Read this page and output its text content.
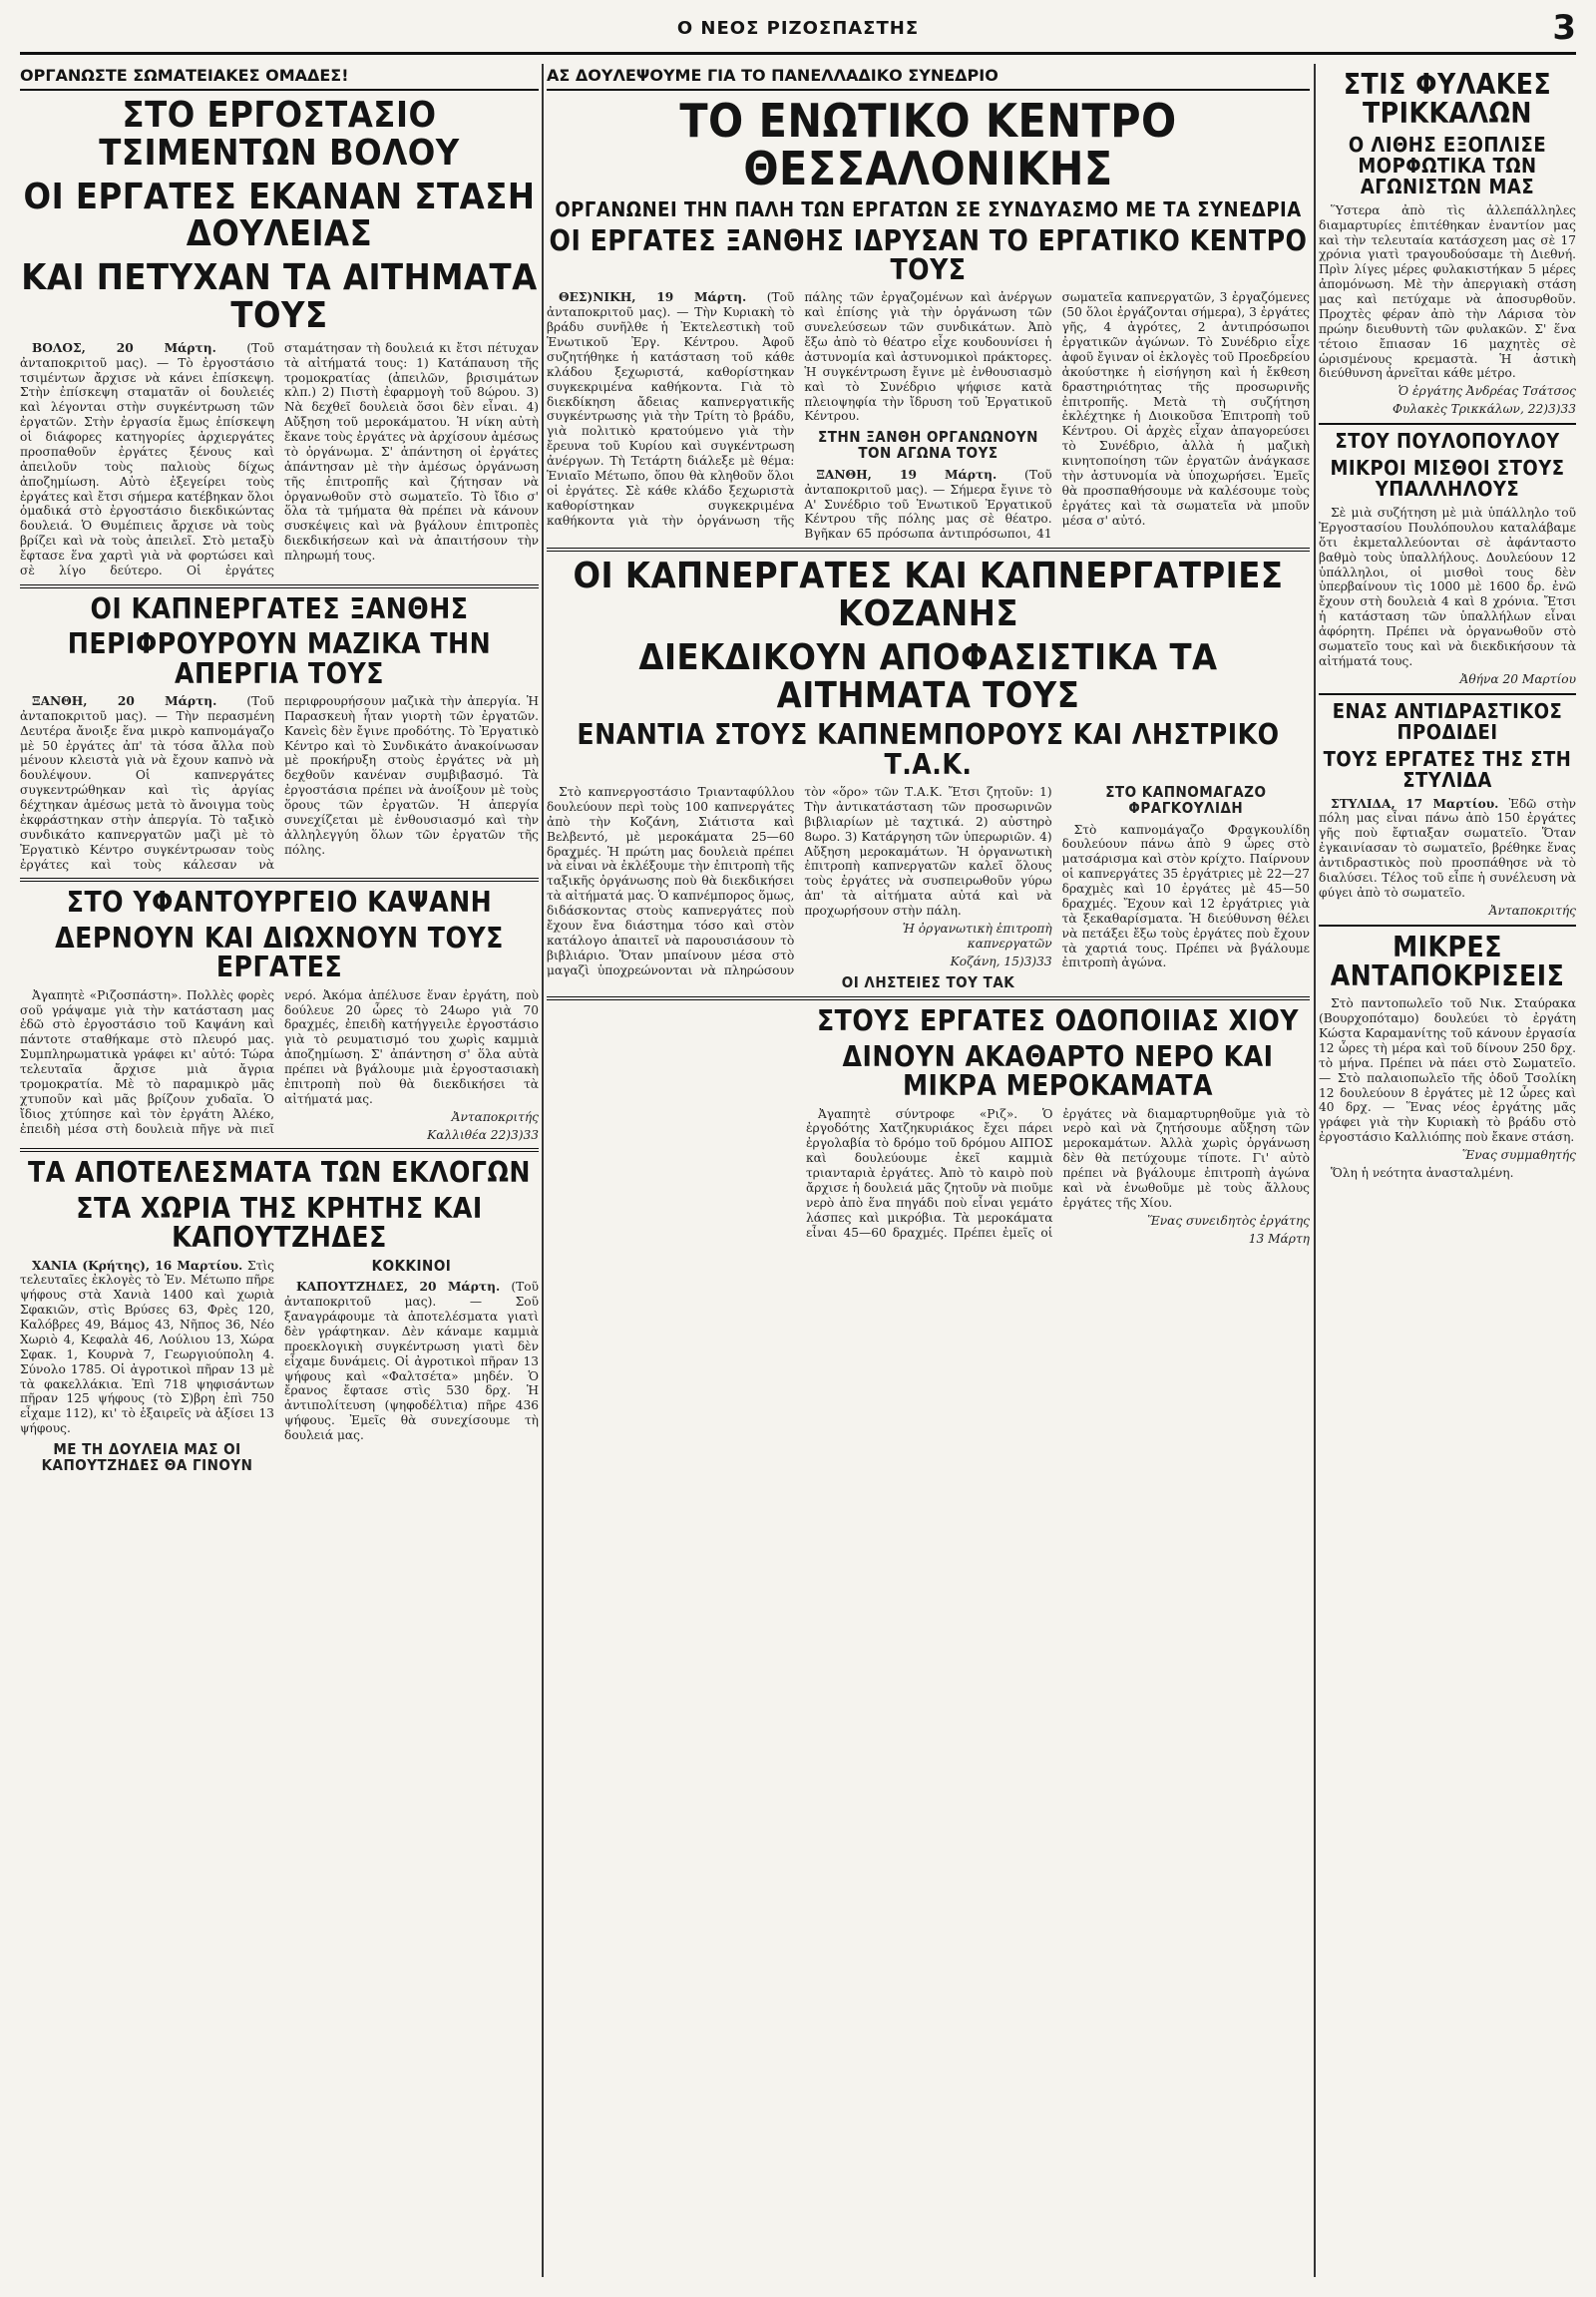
Ο ΝΕΟΣ ΡΙΖΟΣΠΑΣΤΗΣ	3
ΟΡΓΑΝΩΣΤΕ ΣΩΜΑΤΕΙΑΚΕΣ ΟΜΑΔΕΣ!
ΣΤΟ ΕΡΓΟΣΤΑΣΙΟ ΤΣΙΜΕΝΤΩΝ ΒΟΛΟΥ
ΟΙ ΕΡΓΑΤΕΣ ΕΚΑΝΑΝ ΣΤΑΣΗ ΔΟΥΛΕΙΑΣ
ΚΑΙ ΠΕΤΥΧΑΝ ΤΑ ΑΙΤΗΜΑΤΑ ΤΟΥΣ

ΒΟΛΟΣ, 20 Μάρτη.	(Τοῦ ἀνταποκριτοῦ μας). — Τὸ ἐργοστάσιο τσιμέντων ἄρχισε νὰ κάνει ἐπίσκεψη. Στὴν ἐπίσκεψη σταματᾶν οἱ δουλειές καὶ λέγονται στὴν συγκέντρωση τῶν ἐργατῶν. Στὴν ἐργασία ἔμως ἐπίσκεψη οἱ διάφορες κατηγορίες ἀρχιεργάτες προσπαθοῦν ἐργάτες ξένους καὶ ἀπειλοῦν τοὺς παλιοὺς δίχως ἀποζημίωση. Αὐτὸ ἐξεγείρει τοὺς ἐργάτες καὶ ἔτσι σήμερα κατέβηκαν ὅλοι ὁμαδικά στὸ ἐργοστάσιο διεκδικώντας δουλειά. Ὁ Θυμέπιεις ἄρχισε νὰ τοὺς βρίζει καὶ νὰ τοὺς ἀπειλεῖ. Στὸ μεταξὺ ἔφτασε ἕνα χαρτὶ γιὰ νὰ φορτώσει καὶ σὲ λίγο δεύτερο. Οἱ ἐργάτες σταμάτησαν τὴ δουλειά κι ἔτσι πέτυχαν τὰ αἰτήματά τους: 1) Κατάπαυση τῆς τρομοκρατίας (ἀπειλῶν, βρισιμάτων κλπ.) 2) Πιστὴ ἐφαρμογὴ τοῦ 8ώρου. 3) Νὰ δεχθεῖ δουλειὰ ὅσοι δὲν εἶναι. 4) Αὔξηση τοῦ μεροκάματου. Ἡ νίκη αὐτὴ ἔκανε τοὺς ἐργάτες νὰ ἀρχίσουν ἀμέσως τὸ ὀργάνωμα. Σ' ἀπάντηση οἱ ἐργάτες ἀπάντησαν μὲ τὴν ἀμέσως ὀργάνωση τῆς ἐπιτροπῆς καὶ ζήτησαν νὰ ὀργανωθοῦν στὸ σωματεῖο. Τὸ ἴδιο σ' ὅλα τὰ τμήματα θὰ πρέπει νὰ κάνουν συσκέψεις καὶ νὰ βγάλουν ἐπιτροπὲς διεκδικήσεων καὶ νὰ ἀπαιτήσουν τὴν πληρωμή τους.

ΟΙ ΚΑΠΝΕΡΓΑΤΕΣ ΞΑΝΘΗΣ
ΠΕΡΙΦΡΟΥΡΟΥΝ ΜΑΖΙΚΑ ΤΗΝ ΑΠΕΡΓΙΑ ΤΟΥΣ

ΞΑΝΘΗ, 20 Μάρτη. (Τοῦ ἀνταποκριτοῦ μας). — Τὴν περασμένη Δευτέρα ἄνοιξε ἕνα μικρὸ καπνομάγαζο μὲ 50 ἐργάτες ἀπ' τὰ τόσα ἄλλα ποὺ μένουν κλειστὰ γιὰ νὰ ἔχουν καπνὸ νὰ δουλέψουν. Οἱ καπνεργάτες συγκεντρώθηκαν καὶ τὶς ἀργίας δέχτηκαν ἀμέσως μετὰ τὸ ἄνοιγμα τοὺς ἐκφράστηκαν στὴν ἀπεργία. Τὸ ταξικὸ συνδικάτο καπνεργατῶν μαζὶ μὲ τὸ Ἐργατικὸ Κέντρο συγκέντρωσαν τοὺς ἐργάτες καὶ τοὺς κάλεσαν νὰ περιφρουρήσουν μαζικὰ τὴν ἀπεργία. Ἡ Παρασκευὴ ἦταν γιορτὴ τῶν ἐργατῶν. Κανεὶς δὲν ἔγινε προδότης. Τὸ Ἐργατικὸ Κέντρο καὶ τὸ Συνδικάτο ἀνακοίνωσαν μὲ προκήρυξη στοὺς ἐργάτες νὰ μὴ δεχθοῦν κανέναν συμβιβασμό. Τὰ ἐργοστάσια πρέπει νὰ ἀνοίξουν μὲ τοὺς ὅρους τῶν ἐργατῶν. Ἡ ἀπεργία συνεχίζεται μὲ ἐνθουσιασμό καὶ τὴν ἀλληλεγγύη ὅλων τῶν ἐργατῶν τῆς πόλης.

ΣΤΟ ΥΦΑΝΤΟΥΡΓΕΙΟ ΚΑΨΑΝΗ
ΔΕΡΝΟΥΝ ΚΑΙ ΔΙΩΧΝΟΥΝ ΤΟΥΣ ΕΡΓΑΤΕΣ

Ἀγαπητὲ «Ριζοσπάστη». Πολλὲς φορὲς σοῦ γράψαμε γιὰ τὴν κατάσταση μας ἐδῶ στὸ ἐργοστάσιο τοῦ Καψάνη καὶ πάντοτε σταθήκαμε στὸ πλευρό μας. Συμπληρωματικὰ γράφει κι' αὐτό: Τώρα τελευταῖα ἄρχισε μιὰ ἄγρια τρομοκρατία. Μὲ τὸ παραμικρὸ μᾶς χτυποῦν καὶ μᾶς βρίζουν χυδαῖα. Ὁ ἴδιος χτύπησε καὶ τὸν ἐργάτη Ἀλέκο, ἐπειδὴ μέσα στὴ δουλειὰ πῆγε νὰ πιεῖ νερό. Ἀκόμα ἀπέλυσε ἕναν ἐργάτη, ποὺ δούλευε 20 ὧρες τὸ 24ωρο γιὰ 70 δραχμές, ἐπειδὴ κατήγγειλε ἐργοστάσιο γιὰ τὸ ρευματισμό του χωρὶς καμμιὰ ἀποζημίωση. Σ' ἀπάντηση σ' ὅλα αὐτὰ πρέπει νὰ βγάλουμε μιὰ ἐργοστασιακὴ ἐπιτροπὴ ποὺ θὰ διεκδικήσει τὰ αἰτήματά μας.

Ἀνταποκριτής

Καλλιθέα 22)3)33

ΤΑ ΑΠΟΤΕΛΕΣΜΑΤΑ ΤΩΝ ΕΚΛΟΓΩΝ
ΣΤΑ ΧΩΡΙΑ ΤΗΣ ΚΡΗΤΗΣ ΚΑΙ ΚΑΠΟΥΤΖΗΔΕΣ

ΧΑΝΙΑ (Κρήτης), 16 Μαρτίου. Στὶς τελευταῖες ἐκλογὲς τὸ Ἑν. Μέτωπο πῆρε ψήφους στὰ Χανιὰ 1400 καὶ χωριὰ Σφακιῶν, στὶς Βρύσες 63, Φρὲς 120, Καλόβρες 49, Βάμος 43, Νῆπος 36, Νέο Χωριὸ 4, Κεφαλὰ 46, Λούλιου 13, Χώρα Σφακ. 1, Κουρνὰ 7, Γεωργιούπολη 4. Σύνολο 1785. Οἱ ἀγροτικοὶ πῆραν 13 μὲ τὰ φακελλάκια. Ἐπὶ 718 ψηφισάντων πῆραν 125 ψήφους (τὸ Σ)βρη ἐπὶ 750 εἶχαμε 112), κι' τὸ ἐξαιρεῖς νὰ ἀξίσει 13 ψήφους.

ΜΕ ΤΗ ΔΟΥΛΕΙΑ ΜΑΣ ΟΙ ΚΑΠΟΥΤΖΗΔΕΣ ΘΑ ΓΙΝΟΥΝ ΚΟΚΚΙΝΟΙ

ΚΑΠΟΥΤΖΗΔΕΣ, 20 Μάρτη. (Τοῦ ἀνταποκριτοῦ μας). — Σοῦ ξαναγράφουμε τὰ ἀποτελέσματα γιατὶ δὲν γράφτηκαν. Δὲν κάναμε καμμιὰ προεκλογικὴ συγκέντρωση γιατὶ δὲν εἶχαμε δυνάμεις. Οἱ ἀγροτικοὶ πῆραν 13 ψήφους καὶ «Φαλτσέτα» μηδέν. Ὁ ἔρανος ἔφτασε στὶς 530 δρχ. Ἡ ἀντιπολίτευση (ψηφοδέλτια) πῆρε 436 ψήφους. Ἐμεῖς θὰ συνεχίσουμε τὴ δουλειά μας.

ΑΣ ΔΟΥΛΕΨΟΥΜΕ ΓΙΑ ΤΟ ΠΑΝΕΛΛΑΔΙΚΟ ΣΥΝΕΔΡΙΟ
ΤΟ ΕΝΩΤΙΚΟ ΚΕΝΤΡΟ ΘΕΣΣΑΛΟΝΙΚΗΣ
ΟΡΓΑΝΩΝΕΙ ΤΗΝ ΠΑΛΗ ΤΩΝ ΕΡΓΑΤΩΝ ΣΕ ΣΥΝΔΥΑΣΜΟ ΜΕ ΤΑ ΣΥΝΕΔΡΙΑ
ΟΙ ΕΡΓΑΤΕΣ ΞΑΝΘΗΣ ΙΔΡΥΣΑΝ ΤΟ ΕΡΓΑΤΙΚΟ ΚΕΝΤΡΟ ΤΟΥΣ

ΘΕΣ)ΝΙΚΗ, 19 Μάρτη. (Τοῦ ἀνταποκριτοῦ μας). — Τὴν Κυριακὴ τὸ βράδυ συνῆλθε ἡ Ἐκτελεστικὴ τοῦ Ἑνωτικοῦ Ἐργ. Κέντρου. Ἀφοῦ συζητήθηκε ἡ κατάσταση τοῦ κάθε κλάδου ξεχωριστά, καθορίστηκαν συγκεκριμένα καθήκοντα. Γιὰ τὸ διεκδίκηση ἄδειας καπνεργατικῆς συγκέντρωσης γιὰ τὴν Τρίτη τὸ βράδυ, γιὰ πολιτικὸ κρατούμενο γιὰ τὴν ἔρευνα τοῦ Κυρίου καὶ συγκέντρωση ἀνέργων. Τὴ Τετάρτη διάλεξε μὲ θέμα: Ἑνιαῖο Μέτωπο, ὅπου θὰ κληθοῦν ὅλοι οἱ ἐργάτες. Σὲ κάθε κλάδο ξεχωριστὰ καθορίστηκαν συγκεκριμένα καθήκοντα γιὰ τὴν ὀργάνωση τῆς πάλης τῶν ἐργαζομένων καὶ ἀνέργων καὶ ἐπίσης γιὰ τὴν ὀργάνωση τῶν συνελεύσεων τῶν συνδικάτων. Ἀπὸ ἔξω ἀπὸ τὸ θέατρο εἶχε κουδουνίσει ἡ ἀστυνομία καὶ ἀστυνομικοὶ πράκτορες. Ἡ συγκέντρωση ἔγινε μὲ ἐνθουσιασμὸ καὶ τὸ Συνέδριο ψήφισε κατὰ πλειοψηφία τὴν ἴδρυση τοῦ Ἐργατικοῦ Κέντρου.

ΣΤΗΝ ΞΑΝΘΗ ΟΡΓΑΝΩΝΟΥΝ ΤΟΝ ΑΓΩΝΑ ΤΟΥΣ

ΞΑΝΘΗ, 19 Μάρτη. (Τοῦ ἀνταποκριτοῦ μας). — Σήμερα ἔγινε τὸ Α' Συνέδριο τοῦ Ἑνωτικοῦ Ἐργατικοῦ Κέντρου τῆς πόλης μας σὲ θέατρο. Βγῆκαν 65 πρόσωπα ἀντιπρόσωποι, 41 σωματεῖα καπνεργατῶν, 3 ἐργαζόμενες (50 ὅλοι ἐργάζονται σήμερα), 3 ἐργάτες γῆς, 4 ἀγρότες, 2 ἀντιπρόσωποι ἐργατικῶν ἀγώνων. Τὸ Συνέδριο εἶχε ἀφοῦ ἔγιναν οἱ ἐκλογὲς τοῦ Προεδρείου ἀκούστηκε ἡ εἰσήγηση καὶ ἡ ἔκθεση δραστηριότητας τῆς προσωρινῆς ἐπιτροπῆς. Μετὰ τὴ συζήτηση ἐκλέχτηκε ἡ Διοικοῦσα Ἐπιτροπὴ τοῦ Κέντρου. Οἱ ἀρχὲς εἶχαν ἀπαγορεύσει τὸ Συνέδριο, ἀλλὰ ἡ μαζικὴ κινητοποίηση τῶν ἐργατῶν ἀνάγκασε τὴν ἀστυνομία νὰ ὑποχωρήσει. Ἐμεῖς θὰ προσπαθήσουμε νὰ καλέσουμε τοὺς ἐργάτες καὶ τὰ σωματεῖα νὰ μποῦν μέσα σ' αὐτό.

ΟΙ ΚΑΠΝΕΡΓΑΤΕΣ ΚΑΙ ΚΑΠΝΕΡΓΑΤΡΙΕΣ ΚΟΖΑΝΗΣ
ΔΙΕΚΔΙΚΟΥΝ ΑΠΟΦΑΣΙΣΤΙΚΑ ΤΑ ΑΙΤΗΜΑΤΑ ΤΟΥΣ
ΕΝΑΝΤΙΑ ΣΤΟΥΣ ΚΑΠΝΕΜΠΟΡΟΥΣ ΚΑΙ ΛΗΣΤΡΙΚΟ Τ.Α.Κ.

Στὸ καπνεργοστάσιο Τριανταφύλλου δουλεύουν περὶ τοὺς 100 καπνεργάτες ἀπὸ τὴν Κοζάνη, Σιάτιστα καὶ Βελβεντό, μὲ μεροκάματα 25—60 δραχμές. Ἡ πρώτη μας δουλειὰ πρέπει νὰ εἶναι νὰ ἐκλέξουμε τὴν ἐπιτροπὴ τῆς ταξικῆς ὀργάνωσης ποὺ θὰ διεκδικήσει τὰ αἰτήματά μας. Ὁ καπνέμπορος ὅμως, διδάσκοντας στοὺς καπνεργάτες ποὺ ἔχουν ἔνα διάστημα τόσο καὶ στὸν κατάλογο ἀπαιτεῖ νὰ παρουσιάσουν τὸ βιβλιάριο. Ὅταν μπαίνουν μέσα στὸ μαγαζὶ ὑποχρεώνονται νὰ πληρώσουν τὸν «ὅρο» τῶν Τ.Α.Κ. Ἔτσι ζητοῦν: 1) Τὴν ἀντικατάσταση τῶν προσωρινῶν βιβλιαρίων μὲ ταχτικά. 2) αὐστηρὸ 8ωρο. 3) Κατάργηση τῶν ὑπερωριῶν. 4) Αὔξηση μεροκαμάτων. Ἡ ὀργανωτικὴ ἐπιτροπὴ καπνεργατῶν καλεῖ ὅλους τοὺς ἐργάτες νὰ συσπειρωθοῦν γύρω ἀπ' τὰ αἰτήματα αὐτά καὶ νὰ προχωρήσουν στὴν πάλη.

Ἡ ὀργανωτικὴ ἐπιτροπὴ καπνεργατῶν

Κοζάνη, 15)3)33

ΟΙ ΛΗΣΤΕΙΕΣ ΤΟΥ ΤΑΚ
ΣΤΟ ΚΑΠΝΟΜΑΓΑΖΟ ΦΡΑΓΚΟΥΛΙΔΗ

Στὸ καπνομάγαζο Φραγκουλίδη δουλεύουν πάνω ἀπὸ 9 ὧρες στὸ ματσάρισμα καὶ στὸν κρίχτο. Παίρνουν οἱ καπνεργάτες 35 ἐργάτριες μὲ 22—27 δραχμὲς καὶ 10 ἐργάτες μὲ 45—50 δραχμές. Ἔχουν καὶ 12 ἐργάτριες γιὰ τὰ ξεκαθαρίσματα. Ἡ διεύθυνση θέλει νὰ πετάξει ἔξω τοὺς ἐργάτες ποὺ ἔχουν τὰ χαρτιά τους. Πρέπει νὰ βγάλουμε ἐπιτροπὴ ἀγώνα.

ΣΤΟΥΣ ΕΡΓΑΤΕΣ ΟΔΟΠΟΙΙΑΣ ΧΙΟΥ
ΔΙΝΟΥΝ ΑΚΑΘΑΡΤΟ ΝΕΡΟ ΚΑΙ ΜΙΚΡΑ ΜΕΡΟΚΑΜΑΤΑ

Ἀγαπητὲ σύντροφε «Ριζ». Ὁ ἐργοδότης Χατζηκυριάκος ἔχει πάρει ἐργολαβία τὸ δρόμο τοῦ δρόμου ΑΙΠΟΣ καὶ δουλεύουμε ἐκεῖ καμμιὰ τριανταριὰ ἐργάτες. Ἀπὸ τὸ καιρὸ ποὺ ἄρχισε ἡ δουλειά μᾶς ζητοῦν νὰ πιοῦμε νερὸ ἀπὸ ἕνα πηγάδι ποὺ εἶναι γεμάτο λάσπες καὶ μικρόβια. Τὰ μεροκάματα εἶναι 45—60 δραχμές. Πρέπει ἐμεῖς οἱ ἐργάτες νὰ διαμαρτυρηθοῦμε γιὰ τὸ νερὸ καὶ νὰ ζητήσουμε αὔξηση τῶν μεροκαμάτων. Ἀλλὰ χωρὶς ὀργάνωση δὲν θὰ πετύχουμε τίποτε. Γι' αὐτὸ πρέπει νὰ βγάλουμε ἐπιτροπὴ ἀγώνα καὶ νὰ ἑνωθοῦμε μὲ τοὺς ἄλλους ἐργάτες τῆς Χίου.

Ἕνας συνειδητὸς ἐργάτης

13 Μάρτη

ΣΤΙΣ ΦΥΛΑΚΕΣ ΤΡΙΚΚΑΛΩΝ
Ο ΛΙΘΗΣ ΕΞΟΠΛΙΣΕ ΜΟΡΦΩΤΙΚΑ ΤΩΝ ΑΓΩΝΙΣΤΩΝ ΜΑΣ

Ὕστερα ἀπὸ τὶς ἀλλεπάλληλες διαμαρτυρίες ἐπιτέθηκαν ἐναντίον μας καὶ τὴν τελευταία κατάσχεση μας σὲ 17 χρόνια γιατὶ τραγουδούσαμε τὴ Διεθνή. Πρὶν λίγες μέρες φυλακιστήκαν 5 μέρες ἀπομόνωση. Μὲ τὴν ἀπεργιακὴ στάση μας καὶ πετύχαμε νὰ ἀποσυρθοῦν. Προχτὲς φέραν ἀπὸ τὴν Λάρισα τὸν πρώην διευθυντὴ τῶν φυλακῶν. Σ' ἕνα τέτοιο ἔπιασαν 16 μαχητὲς σὲ ὡρισμένους κρεμαστὰ. Ἡ ἀστικὴ διεύθυνση ἀρνεῖται κάθε μέτρο.

Ὁ ἐργάτης Ἀνδρέας Τσάτσος

Φυλακὲς Τρικκάλων, 22)3)33

ΣΤΟΥ ΠΟΥΛΟΠΟΥΛΟΥ
ΜΙΚΡΟΙ ΜΙΣΘΟΙ ΣΤΟΥΣ ΥΠΑΛΛΗΛΟΥΣ

Σὲ μιὰ συζήτηση μὲ μιὰ ὑπάλληλο τοῦ Ἐργοστασίου Πουλόπουλου καταλάβαμε ὅτι ἐκμεταλλεύονται σὲ ἀφάνταστο βαθμὸ τοὺς ὑπαλλήλους. Δουλεύουν 12 ὑπάλληλοι, οἱ μισθοὶ τους δὲν ὑπερβαίνουν τὶς 1000 μὲ 1600 δρ. ἐνῶ ἔχουν στὴ δουλειὰ 4 καὶ 8 χρόνια. Ἔτσι ἡ κατάσταση τῶν ὑπαλλήλων εἶναι ἀφόρητη. Πρέπει νὰ ὀργανωθοῦν στὸ σωματεῖο τους καὶ νὰ διεκδικήσουν τὰ αἰτήματά τους.

Ἀθήνα 20 Μαρτίου

ΕΝΑΣ ΑΝΤΙΔΡΑΣΤΙΚΟΣ ΠΡΟΔΙΔΕΙ
ΤΟΥΣ ΕΡΓΑΤΕΣ ΤΗΣ ΣΤΗ ΣΤΥΛΙΔΑ

ΣΤΥΛΙΔΑ, 17 Μαρτίου. Ἐδῶ στὴν πόλη μας εἶναι πάνω ἀπὸ 150 ἐργάτες γῆς ποὺ ἔφτιαξαν σωματεῖο. Ὅταν ἐγκαινίασαν τὸ σωματεῖο, βρέθηκε ἕνας ἀντιδραστικὸς ποὺ προσπάθησε νὰ τὸ διαλύσει. Τέλος τοῦ εἶπε ἡ συνέλευση νὰ φύγει ἀπὸ τὸ σωματεῖο.

Ἀνταποκριτής

ΜΙΚΡΕΣ ΑΝΤΑΠΟΚΡΙΣΕΙΣ

Στὸ παντοπωλεῖο τοῦ Νικ. Σταύρακα (Βουρχοπόταμο) δουλεύει τὸ ἐργάτη Κώστα Καραμανίτης τοῦ κάνουν ἐργασία 12 ὧρες τὴ μέρα καὶ τοῦ δίνουν 250 δρχ. τὸ μήνα. Πρέπει νὰ πάει στὸ Σωματεῖο. — Στὸ παλαιοπωλεῖο τῆς ὁδοῦ Τσολίκη 12 δουλεύουν 8 ἐργάτες μὲ 12 ὧρες καὶ 40 δρχ. — Ἕνας νέος ἐργάτης μᾶς γράφει γιὰ τὴν Κυριακὴ τὸ βράδυ στὸ ἐργοστάσιο Καλλιόπης ποὺ ἔκανε στάση.

Ἕνας συμμαθητής

Ὅλη ἡ νεότητα ἀνασταλμένη.
